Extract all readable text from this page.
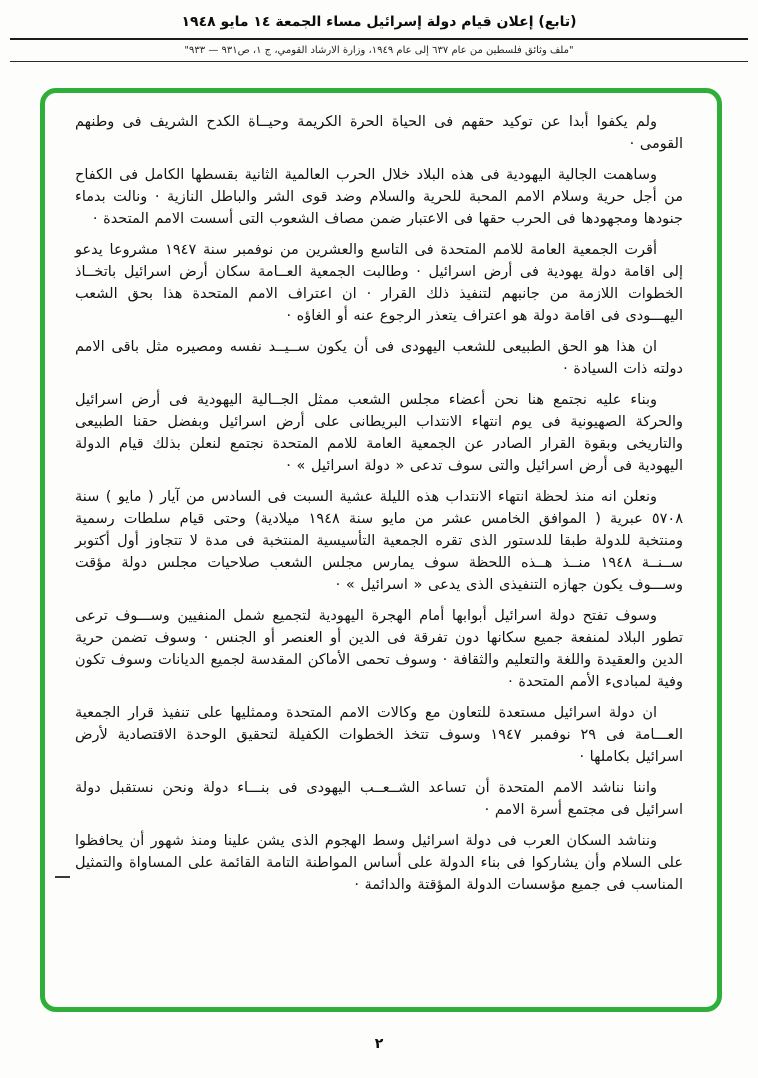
(تابع) إعلان قيام دولة إسرائيل مساء الجمعة ١٤ مايو ١٩٤٨
"ملف وثائق فلسطين من عام ٦٣٧ إلى عام ١٩٤٩، وزارة الارشاد القومي، ج ١، ص٩٣١ — ٩٣٣"

ولم يكفوا أبدا عن توكيد حقهم فى الحياة الحرة الكريمة وحيــاة الكدح الشريف فى وطنهم القومى ·

وساهمت الجالية اليهودية فى هذه البلاد خلال الحرب العالمية الثانية بقسطها الكامل فى الكفاح من أجل حرية وسلام الامم المحبة للحرية والسلام وضد قوى الشر والباطل النازية · ونالت بدماء جنودها ومجهودها فى الحرب حقها فى الاعتبار ضمن مصاف الشعوب التى أسست الامم المتحدة ·

أقرت الجمعية العامة للامم المتحدة فى التاسع والعشرين من نوفمبر سنة ١٩٤٧ مشروعا يدعو إلى اقامة دولة يهودية فى أرض اسرائيل · وطالبت الجمعية العــامة سكان أرض اسرائيل باتخــاذ الخطوات اللازمة من جانبهم لتنفيذ ذلك القرار · ان اعتراف الامم المتحدة هذا بحق الشعب اليهـــودى فى اقامة دولة هو اعتراف يتعذر الرجوع عنه أو الغاؤه ·

ان هذا هو الحق الطبيعى للشعب اليهودى فى أن يكون ســيــد نفسه ومصيره مثل باقى الامم دولته ذات السيادة ·

وبناء عليه نجتمع هنا نحن أعضاء مجلس الشعب ممثل الجــالية اليهودية فى أرض اسرائيل والحركة الصهيونية فى يوم انتهاء الانتداب البريطانى على أرض اسرائيل وبفضل حقنا الطبيعى والتاريخى وبقوة القرار الصادر عن الجمعية العامة للامم المتحدة نجتمع لنعلن بذلك قيام الدولة اليهودية فى أرض اسرائيل والتى سوف تدعى « دولة اسرائيل » ·

ونعلن انه منذ لحظة انتهاء الانتداب هذه الليلة عشية السبت فى السادس من آيار ( مايو ) سنة ٥٧٠٨ عبرية ( الموافق الخامس عشر من مايو سنة ١٩٤٨ ميلادية) وحتى قيام سلطات رسمية ومنتخبة للدولة طبقا للدستور الذى تقره الجمعية التأسيسية المنتخبة فى مدة لا تتجاوز أول أكتوبر ســنــة ١٩٤٨ منــذ هــذه اللحظة سوف يمارس مجلس الشعب صلاحيات مجلس دولة مؤقت وســـوف يكون جهازه التنفيذى الذى يدعى « اسرائيل » ·

وسوف تفتح دولة اسرائيل أبوابها أمام الهجرة اليهودية لتجميع شمل المنفيين وســـوف ترعى تطور البلاد لمنفعة جميع سكانها دون تفرقة فى الدين أو العنصر أو الجنس · وسوف تضمن حرية الدين والعقيدة واللغة والتعليم والثقافة · وسوف تحمى الأماكن المقدسة لجميع الديانات وسوف تكون وفية لمبادىء الأمم المتحدة ·

ان دولة اسرائيل مستعدة للتعاون مع وكالات الامم المتحدة وممثليها على تنفيذ قرار الجمعية العـــامة فى ٢٩ نوفمبر ١٩٤٧ وسوف تتخذ الخطوات الكفيلة لتحقيق الوحدة الاقتصادية لأرض اسرائيل بكاملها ·

واننا نناشد الامم المتحدة أن تساعد الشــعــب اليهودى فى بنـــاء دولة ونحن نستقبل دولة اسرائيل فى مجتمع أسرة الامم ·

ونناشد السكان العرب فى دولة اسرائيل وسط الهجوم الذى يشن علينا ومنذ شهور أن يحافظوا على السلام وأن يشاركوا فى بناء الدولة على أساس المواطنة التامة القائمة على المساواة والتمثيل المناسب فى جميع مؤسسات الدولة المؤقتة والدائمة ·

٢
